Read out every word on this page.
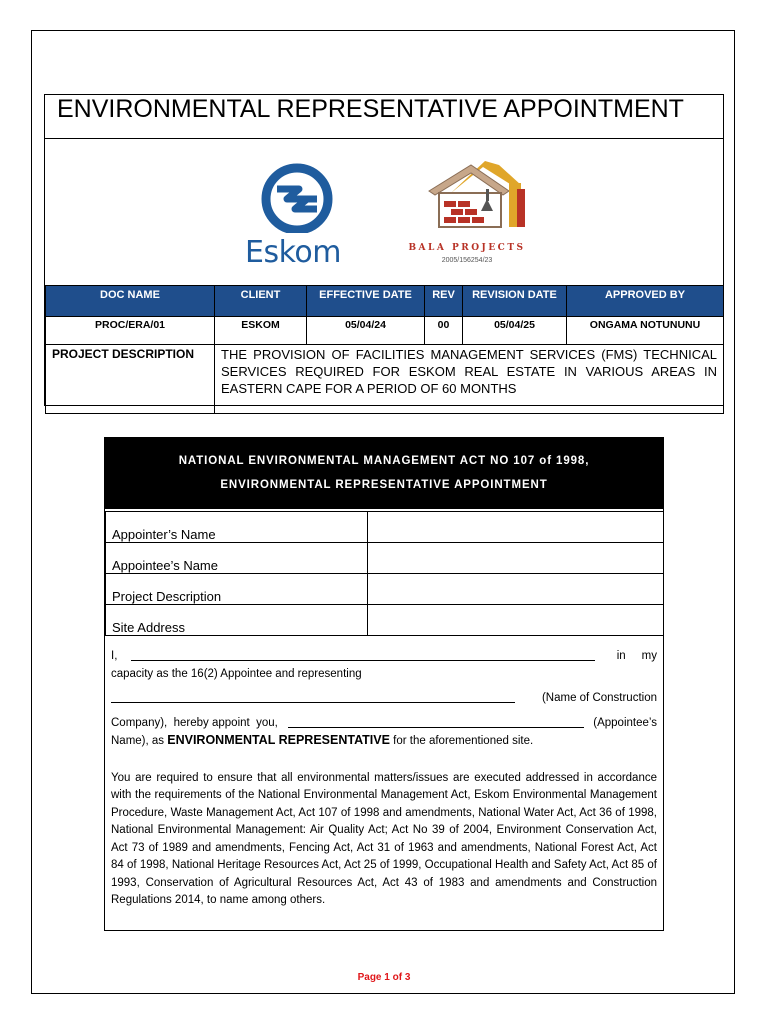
ENVIRONMENTAL REPRESENTATIVE APPOINTMENT
Eskom	BALA PROJECTS
2005/156254/23
DOC NAME	CLIENT	EFFECTIVE DATE	REV	REVISION DATE	APPROVED BY
PROC/ERA/01	ESKOM	05/04/24	00	05/04/25	ONGAMA NOTUNUNU
PROJECT DESCRIPTION	THE PROVISION OF FACILITIES MANAGEMENT SERVICES (FMS) TECHNICAL SERVICES REQUIRED FOR ESKOM REAL ESTATE IN VARIOUS AREAS IN EASTERN CAPE FOR A PERIOD OF 60 MONTHS				
NATIONAL ENVIRONMENTAL MANAGEMENT ACT NO 107 of 1998,
ENVIRONMENTAL REPRESENTATIVE APPOINTMENT
Appointer’s Name	
Appointee’s Name	
Project Description	
Site Address	
I,	in     my
capacity as the 16(2) Appointee and representing
(Name of Construction
Company),  hereby appoint  you,	(Appointee’s
Name), as ENVIRONMENTAL REPRESENTATIVE for the aforementioned site.
You are required to ensure that all environmental matters/issues are executed addressed in accordance with the requirements of the National Environmental Management Act, Eskom Environmental Management Procedure, Waste Management Act, Act 107 of 1998 and amendments, National Water Act, Act 36 of 1998, National Environmental Management: Air Quality Act; Act No 39 of 2004, Environment Conservation Act, Act 73 of 1989 and amendments, Fencing Act, Act 31 of 1963 and amendments, National Forest Act, Act 84 of 1998, National Heritage Resources Act, Act 25 of 1999, Occupational Health and Safety Act, Act 85 of 1993, Conservation of Agricultural Resources Act, Act 43 of 1983 and amendments and Construction Regulations 2014, to name among others.
Page 1 of 3
